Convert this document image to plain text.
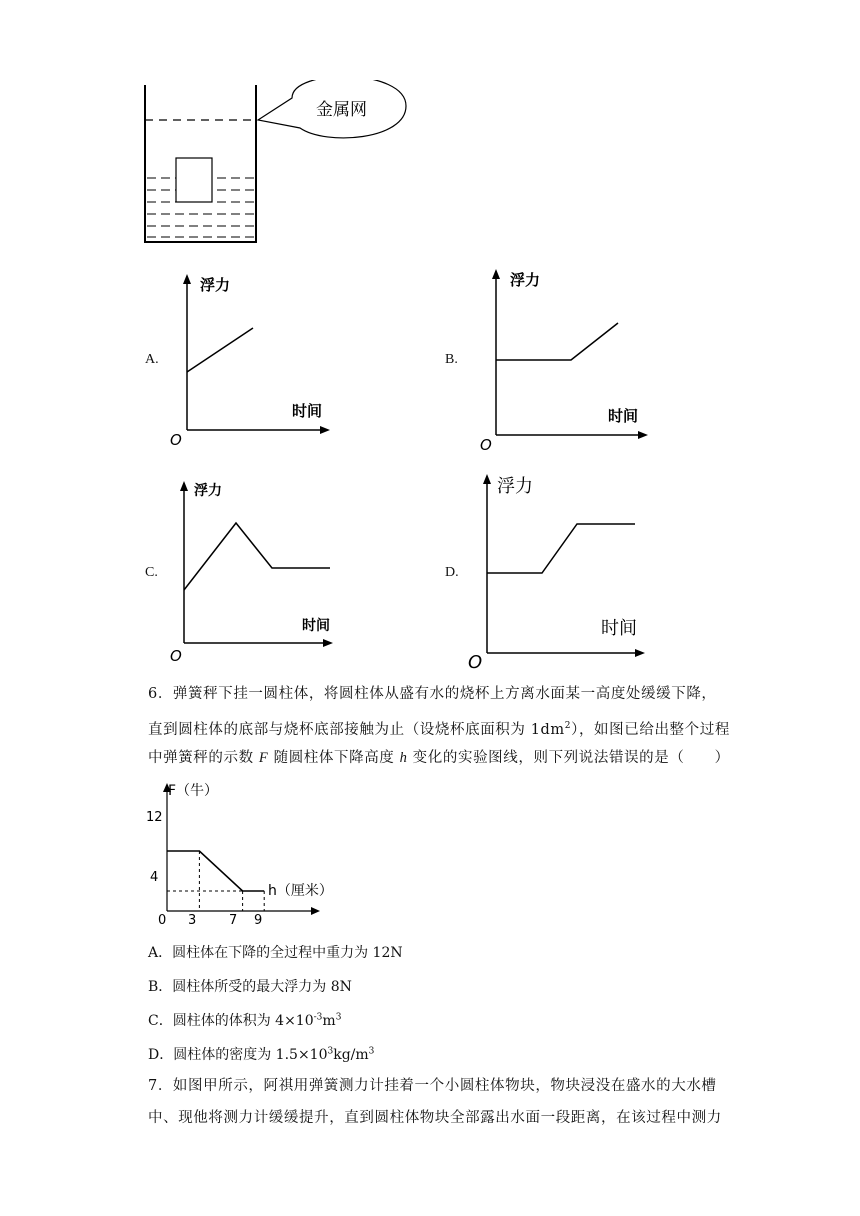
金属网
A.
浮力
时间
O
B.
浮力
时间
O
C.
浮力
时间
O
D.
浮力
时间
O
6．弹簧秤下挂一圆柱体，将圆柱体从盛有水的烧杯上方离水面某一高度处缓缓下降，
直到圆柱体的底部与烧杯底部接触为止（设烧杯底面积为 $1dm^2$），如图已给出整个过程
中弹簧秤的示数 F 随圆柱体下降高度 h 变化的实验图线，则下列说法错误的是（　　）
F（牛）
h（厘米）
0
12
4
3	7 9
A．圆柱体在下降的全过程中重力为 12N
B．圆柱体所受的最大浮力为 8N
C．圆柱体的体积为 $4\times 10^{-3}m^3$
D．圆柱体的密度为 $1.5\times 10^3kg/m^3$
7．如图甲所示，阿祺用弹簧测力计挂着一个小圆柱体物块，物块浸没在盛水的大水槽
中、现他将测力计缓缓提升，直到圆柱体物块全部露出水面一段距离，在该过程中测力
